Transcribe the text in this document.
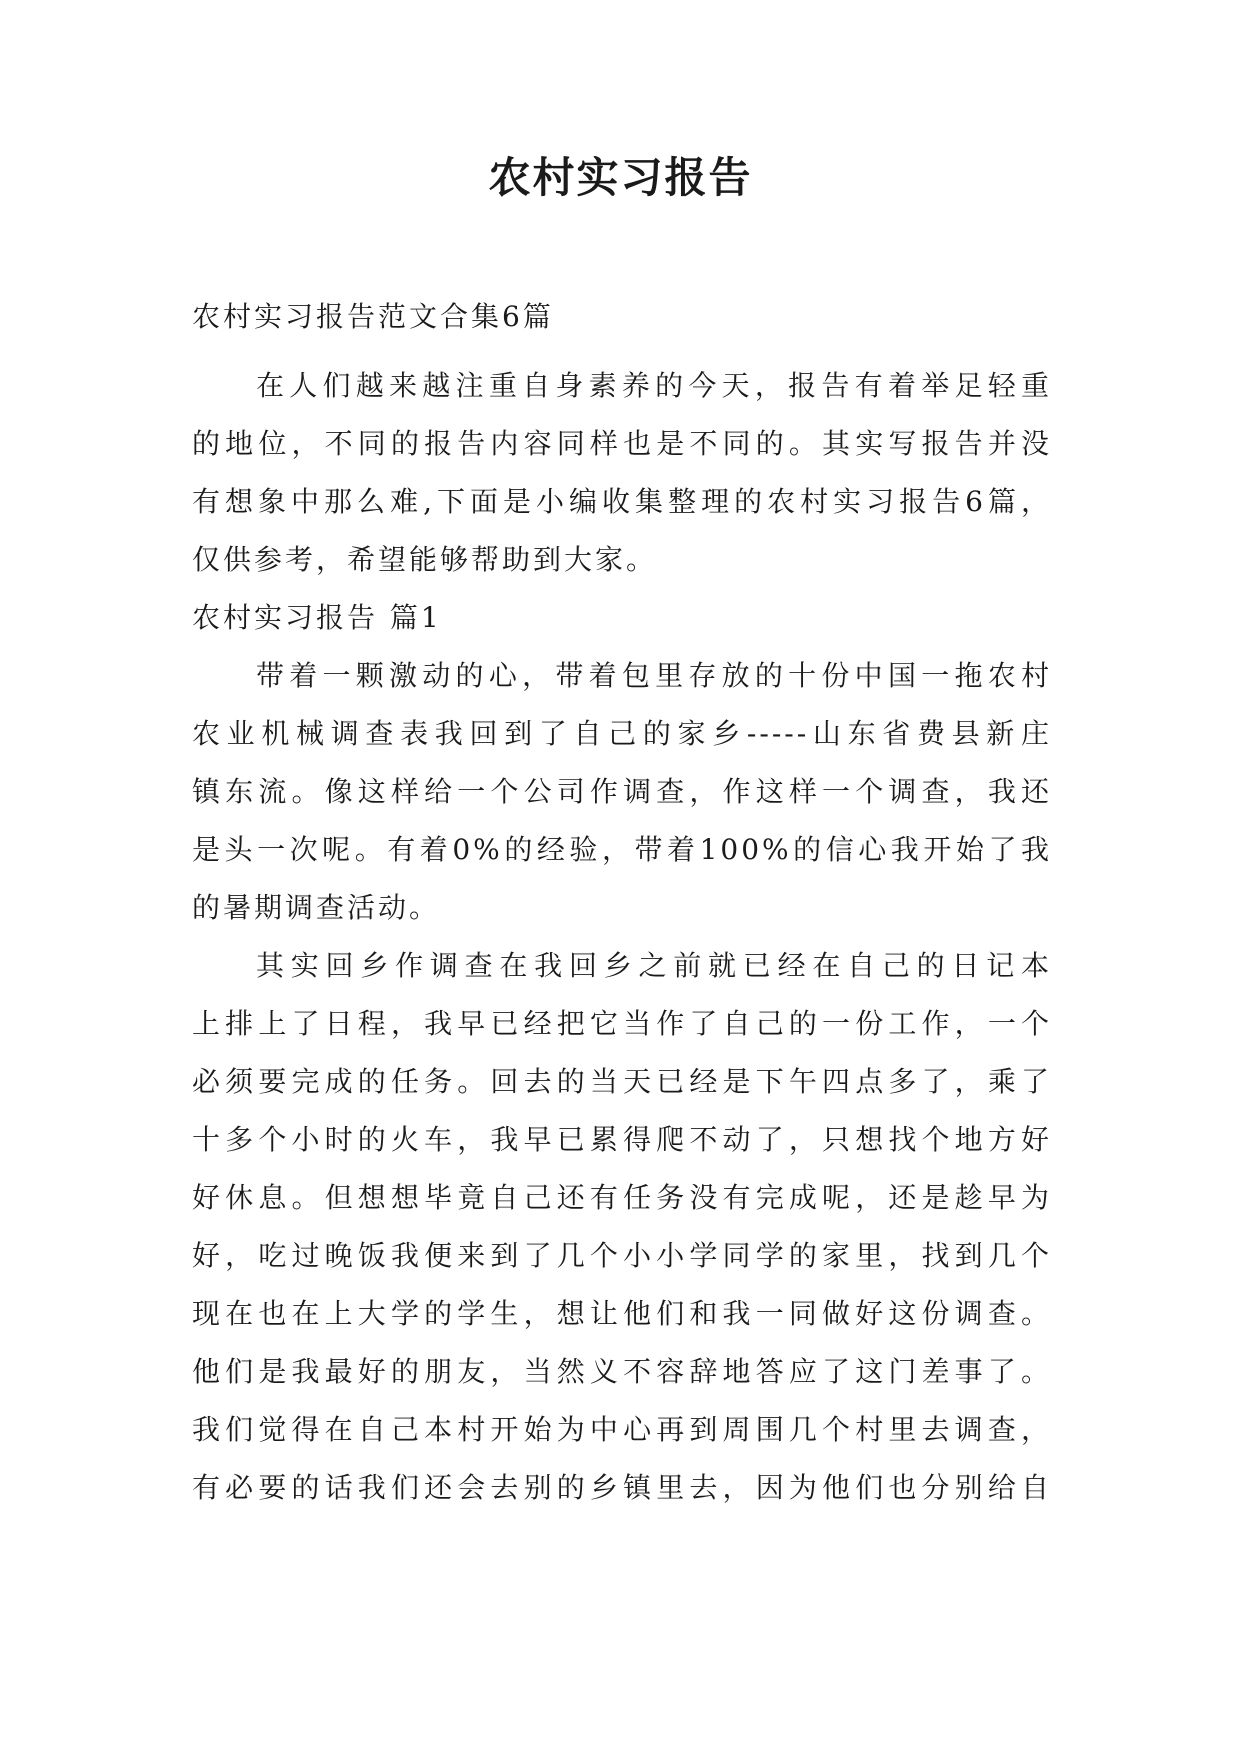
农村实习报告
农村实习报告范文合集6篇
在人们越来越注重自身素养的今天，报告有着举足轻重
的地位，不同的报告内容同样也是不同的。其实写报告并没
有想象中那么难,下面是小编收集整理的农村实习报告6篇，
仅供参考，希望能够帮助到大家。
农村实习报告 篇1
带着一颗激动的心，带着包里存放的十份中国一拖农村
农业机械调查表我回到了自己的家乡-----山东省费县新庄
镇东流。像这样给一个公司作调查，作这样一个调查，我还
是头一次呢。有着0%的经验，带着100%的信心我开始了我
的暑期调查活动。
其实回乡作调查在我回乡之前就已经在自己的日记本
上排上了日程，我早已经把它当作了自己的一份工作，一个
必须要完成的任务。回去的当天已经是下午四点多了，乘了
十多个小时的火车，我早已累得爬不动了，只想找个地方好
好休息。但想想毕竟自己还有任务没有完成呢，还是趁早为
好，吃过晚饭我便来到了几个小小学同学的家里，找到几个
现在也在上大学的学生，想让他们和我一同做好这份调查。
他们是我最好的朋友，当然义不容辞地答应了这门差事了。
我们觉得在自己本村开始为中心再到周围几个村里去调查，
有必要的话我们还会去别的乡镇里去，因为他们也分别给自
